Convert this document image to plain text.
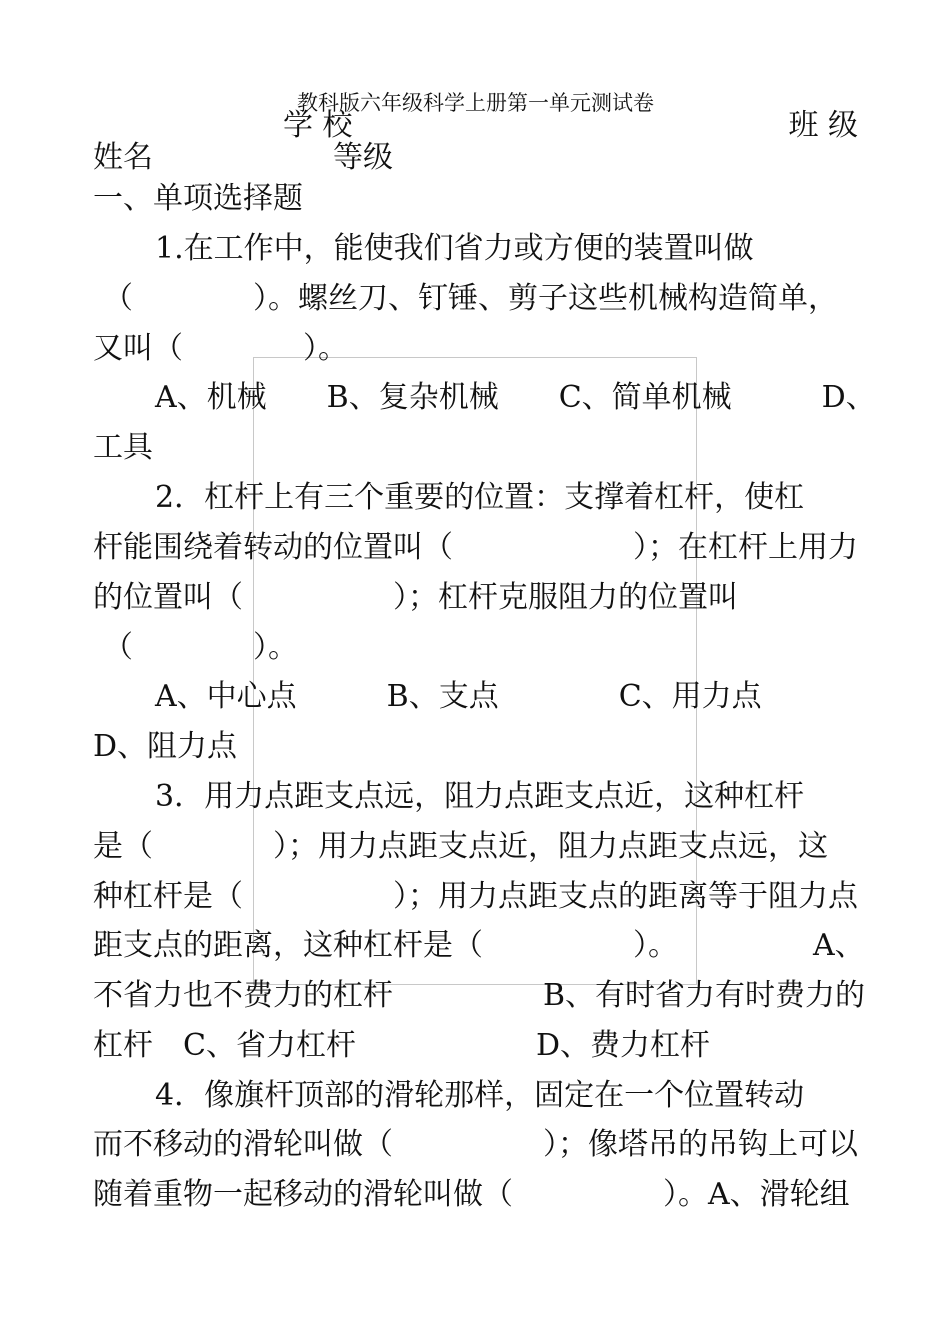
教科版六年级科学上册第一单元测试卷
学 校	班 级
姓名	等级
一、单项选择题
1.在工作中，能使我们省力或方便的装置叫做
（　　　　）。螺丝刀、钉锤、剪子这些机械构造简单，
又叫（　　　　）。
A、机械　　B、复杂机械　　C、简单机械　　　D、
工具
2．杠杆上有三个重要的位置：支撑着杠杆，使杠
杆能围绕着转动的位置叫（　　　　　　）；在杠杆上用力
的位置叫（　　　　　）；杠杆克服阻力的位置叫
（　　　　）。
A、中心点　　　B、支点　　　　C、用力点
D、阻力点
3．用力点距支点远，阻力点距支点近，这种杠杆
是（　　　　）；用力点距支点近，阻力点距支点远，这
种杠杆是（　　　　　）；用力点距支点的距离等于阻力点
距支点的距离，这种杠杆是（　　　　　）。　　　　　A、
不省力也不费力的杠杆　　　　　B、有时省力有时费力的
杠杆　C、省力杠杆　　　　　　D、费力杠杆
4．像旗杆顶部的滑轮那样，固定在一个位置转动
而不移动的滑轮叫做（　　　　　）；像塔吊的吊钩上可以
随着重物一起移动的滑轮叫做（　　　　　）。A、滑轮组
